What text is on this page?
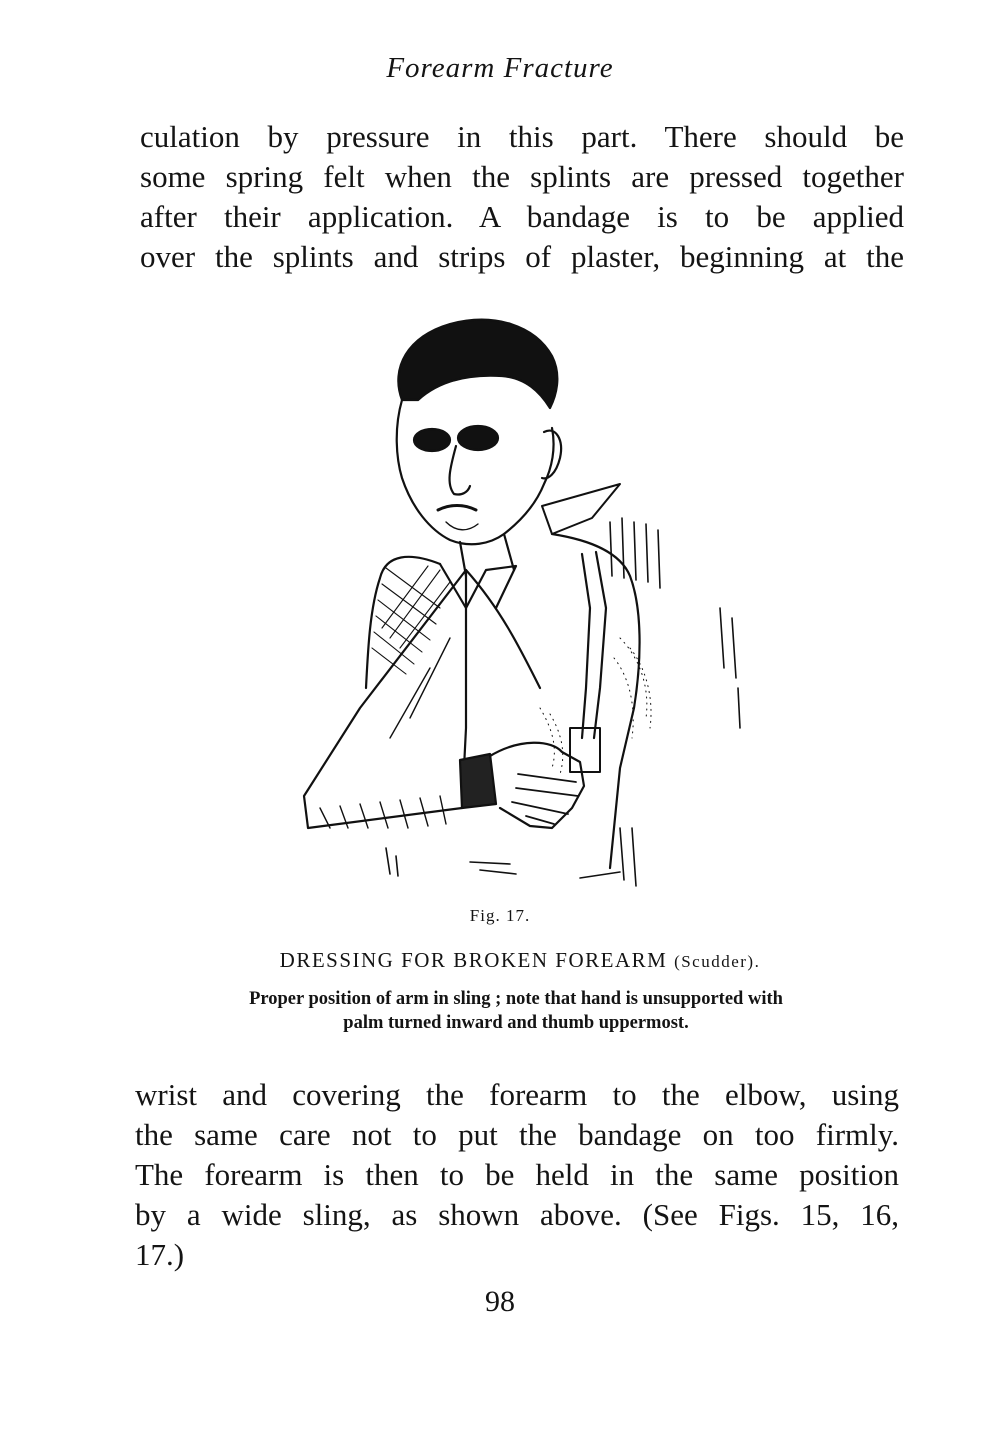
Forearm Fracture
culation by pressure in this part. There should be
some spring felt when the splints are pressed together
after their application. A bandage is to be applied
over the splints and strips of plaster, beginning at the
Fig. 17.
DRESSING FOR BROKEN FOREARM (Scudder).
Proper position of arm in sling ; note that hand is unsupported with
palm turned inward and thumb uppermost.
wrist and covering the forearm to the elbow, using
the same care not to put the bandage on too firmly.
The forearm is then to be held in the same position
by a wide sling, as shown above. (See Figs. 15, 16,
17.)
98
